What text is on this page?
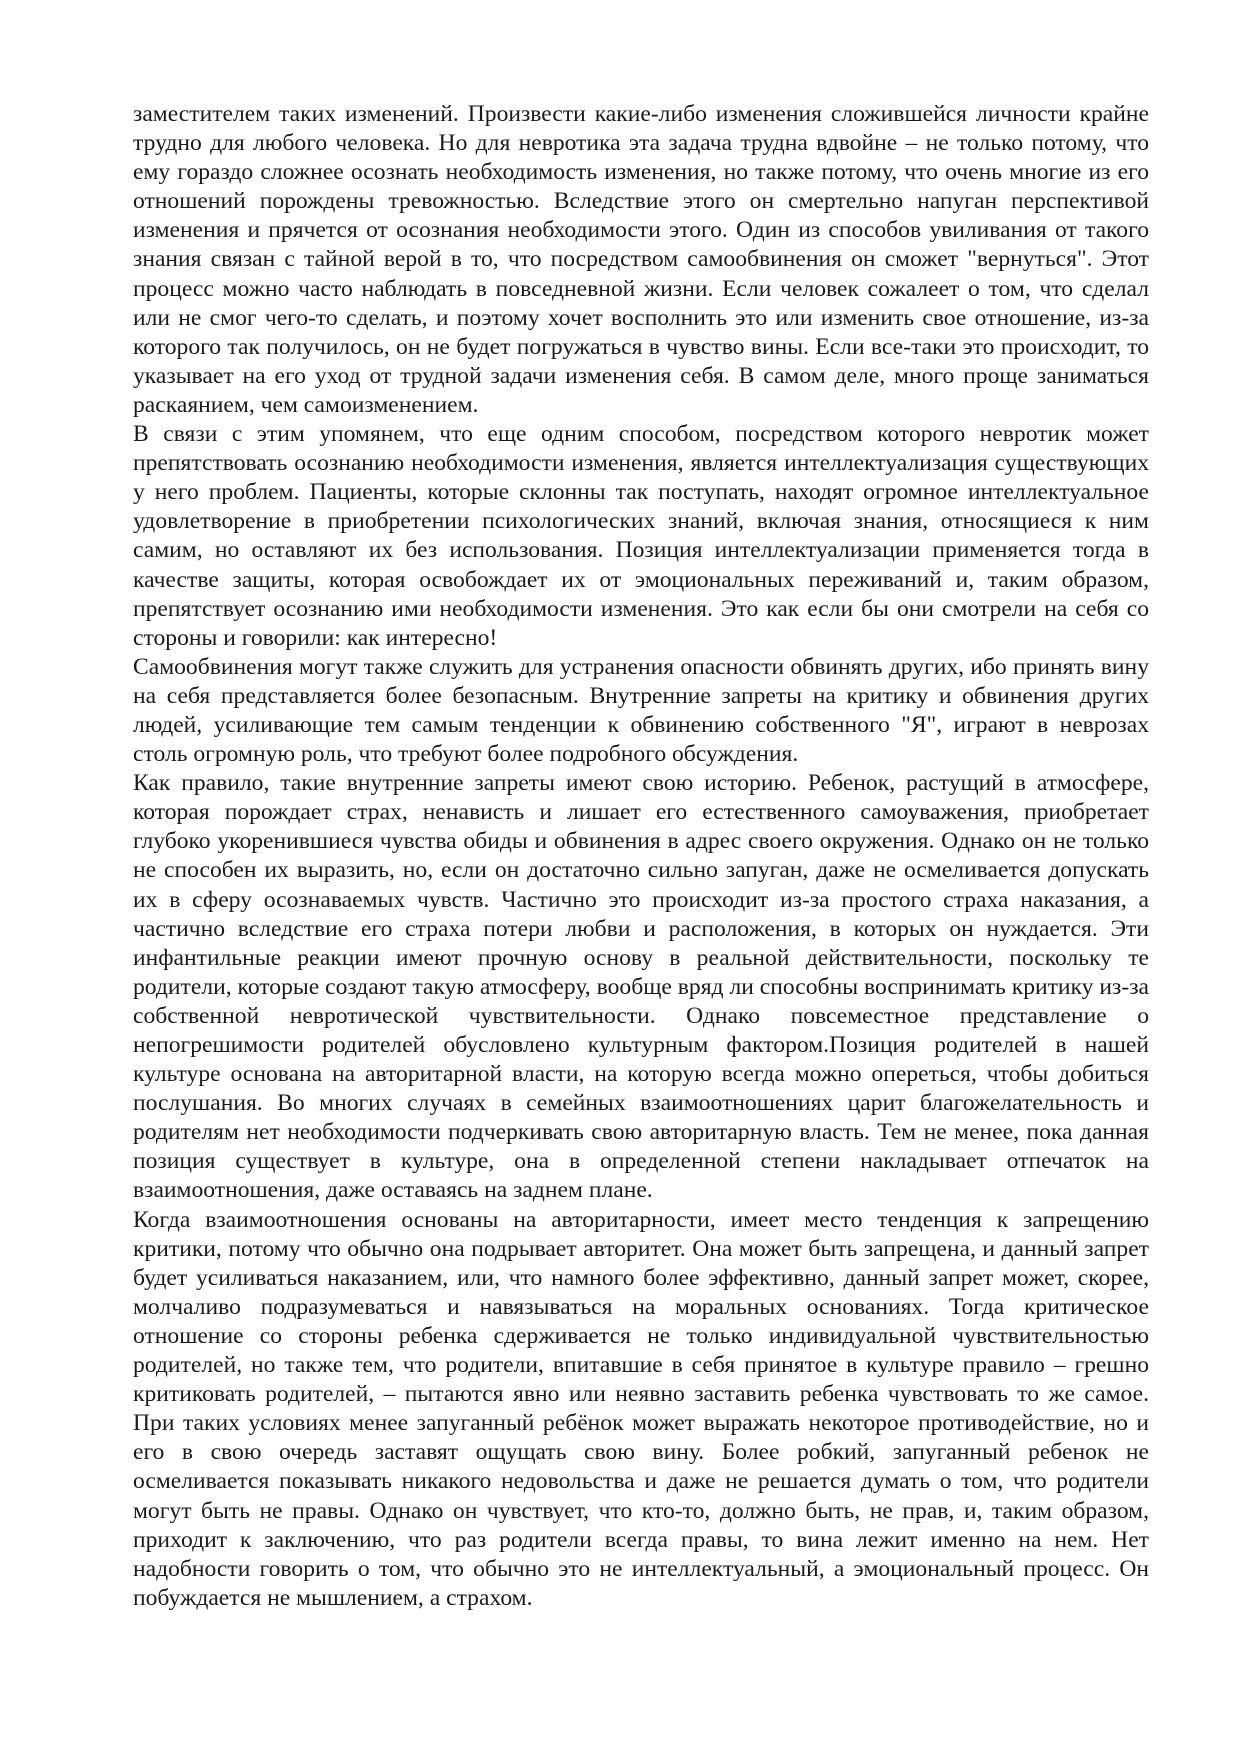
заместителем таких изменений. Произвести какие-либо изменения сложившейся личности крайне трудно для любого человека. Но для невротика эта задача трудна вдвойне – не только потому, что ему гораздо сложнее осознать необходимость изменения, но также потому, что очень многие из его отношений порождены тревожностью. Вследствие этого он смертельно напуган перспективой изменения и прячется от осознания необходимости этого. Один из способов увиливания от такого знания связан с тайной верой в то, что посредством самообвинения он сможет "вернуться". Этот процесс можно часто наблюдать в повседневной жизни. Если человек сожалеет о том, что сделал или не смог чего-то сделать, и поэтому хочет восполнить это или изменить свое отношение, из-за которого так получилось, он не будет погружаться в чувство вины. Если все-таки это происходит, то указывает на его уход от трудной задачи изменения себя. В самом деле, много проще заниматься раскаянием, чем самоизменением.

В связи с этим упомянем, что еще одним способом, посредством которого невротик может препятствовать осознанию необходимости изменения, является интеллектуализация существующих у него проблем. Пациенты, которые склонны так поступать, находят огромное интеллектуальное удовлетворение в приобретении психологических знаний, включая знания, относящиеся к ним самим, но оставляют их без использования. Позиция интеллектуализации применяется тогда в качестве защиты, которая освобождает их от эмоциональных переживаний и, таким образом, препятствует осознанию ими необходимости изменения. Это как если бы они смотрели на себя со стороны и говорили: как интересно!

Самообвинения могут также служить для устранения опасности обвинять других, ибо принять вину на себя представляется более безопасным. Внутренние запреты на критику и обвинения других людей, усиливающие тем самым тенденции к обвинению собственного "Я", играют в неврозах столь огромную роль, что требуют более подробного обсуждения.

Как правило, такие внутренние запреты имеют свою историю. Ребенок, растущий в атмосфере, которая порождает страх, ненависть и лишает его естественного самоуважения, приобретает глубоко укоренившиеся чувства обиды и обвинения в адрес своего окружения. Однако он не только не способен их выразить, но, если он достаточно сильно запуган, даже не осмеливается допускать их в сферу осознаваемых чувств. Частично это происходит из-за простого страха наказания, а частично вследствие его страха потери любви и расположения, в которых он нуждается. Эти инфантильные реакции имеют прочную основу в реальной действительности, поскольку те родители, которые создают такую атмосферу, вообще вряд ли способны воспринимать критику из-за собственной невротической чувствительности. Однако повсеместное представление о непогрешимости родителей обусловлено культурным фактором.Позиция родителей в нашей культуре основана на авторитарной власти, на которую всегда можно опереться, чтобы добиться послушания. Во многих случаях в семейных взаимоотношениях царит благожелательность и родителям нет необходимости подчеркивать свою авторитарную власть. Тем не менее, пока данная позиция существует в культуре, она в определенной степени накладывает отпечаток на взаимоотношения, даже оставаясь на заднем плане.

Когда взаимоотношения основаны на авторитарности, имеет место тенденция к запрещению критики, потому что обычно она подрывает авторитет. Она может быть запрещена, и данный запрет будет усиливаться наказанием, или, что намного более эффективно, данный запрет может, скорее, молчаливо подразумеваться и навязываться на моральных основаниях. Тогда критическое отношение со стороны ребенка сдерживается не только индивидуальной чувствительностью родителей, но также тем, что родители, впитавшие в себя принятое в культуре правило – грешно критиковать родителей, – пытаются явно или неявно заставить ребенка чувствовать то же самое. При таких условиях менее запуганный ребёнок может выражать некоторое противодействие, но и его в свою очередь заставят ощущать свою вину. Более робкий, запуганный ребенок не осмеливается показывать никакого недовольства и даже не решается думать о том, что родители могут быть не правы. Однако он чувствует, что кто-то, должно быть, не прав, и, таким образом, приходит к заключению, что раз родители всегда правы, то вина лежит именно на нем. Нет надобности говорить о том, что обычно это не интеллектуальный, а эмоциональный процесс. Он побуждается не мышлением, а страхом.
